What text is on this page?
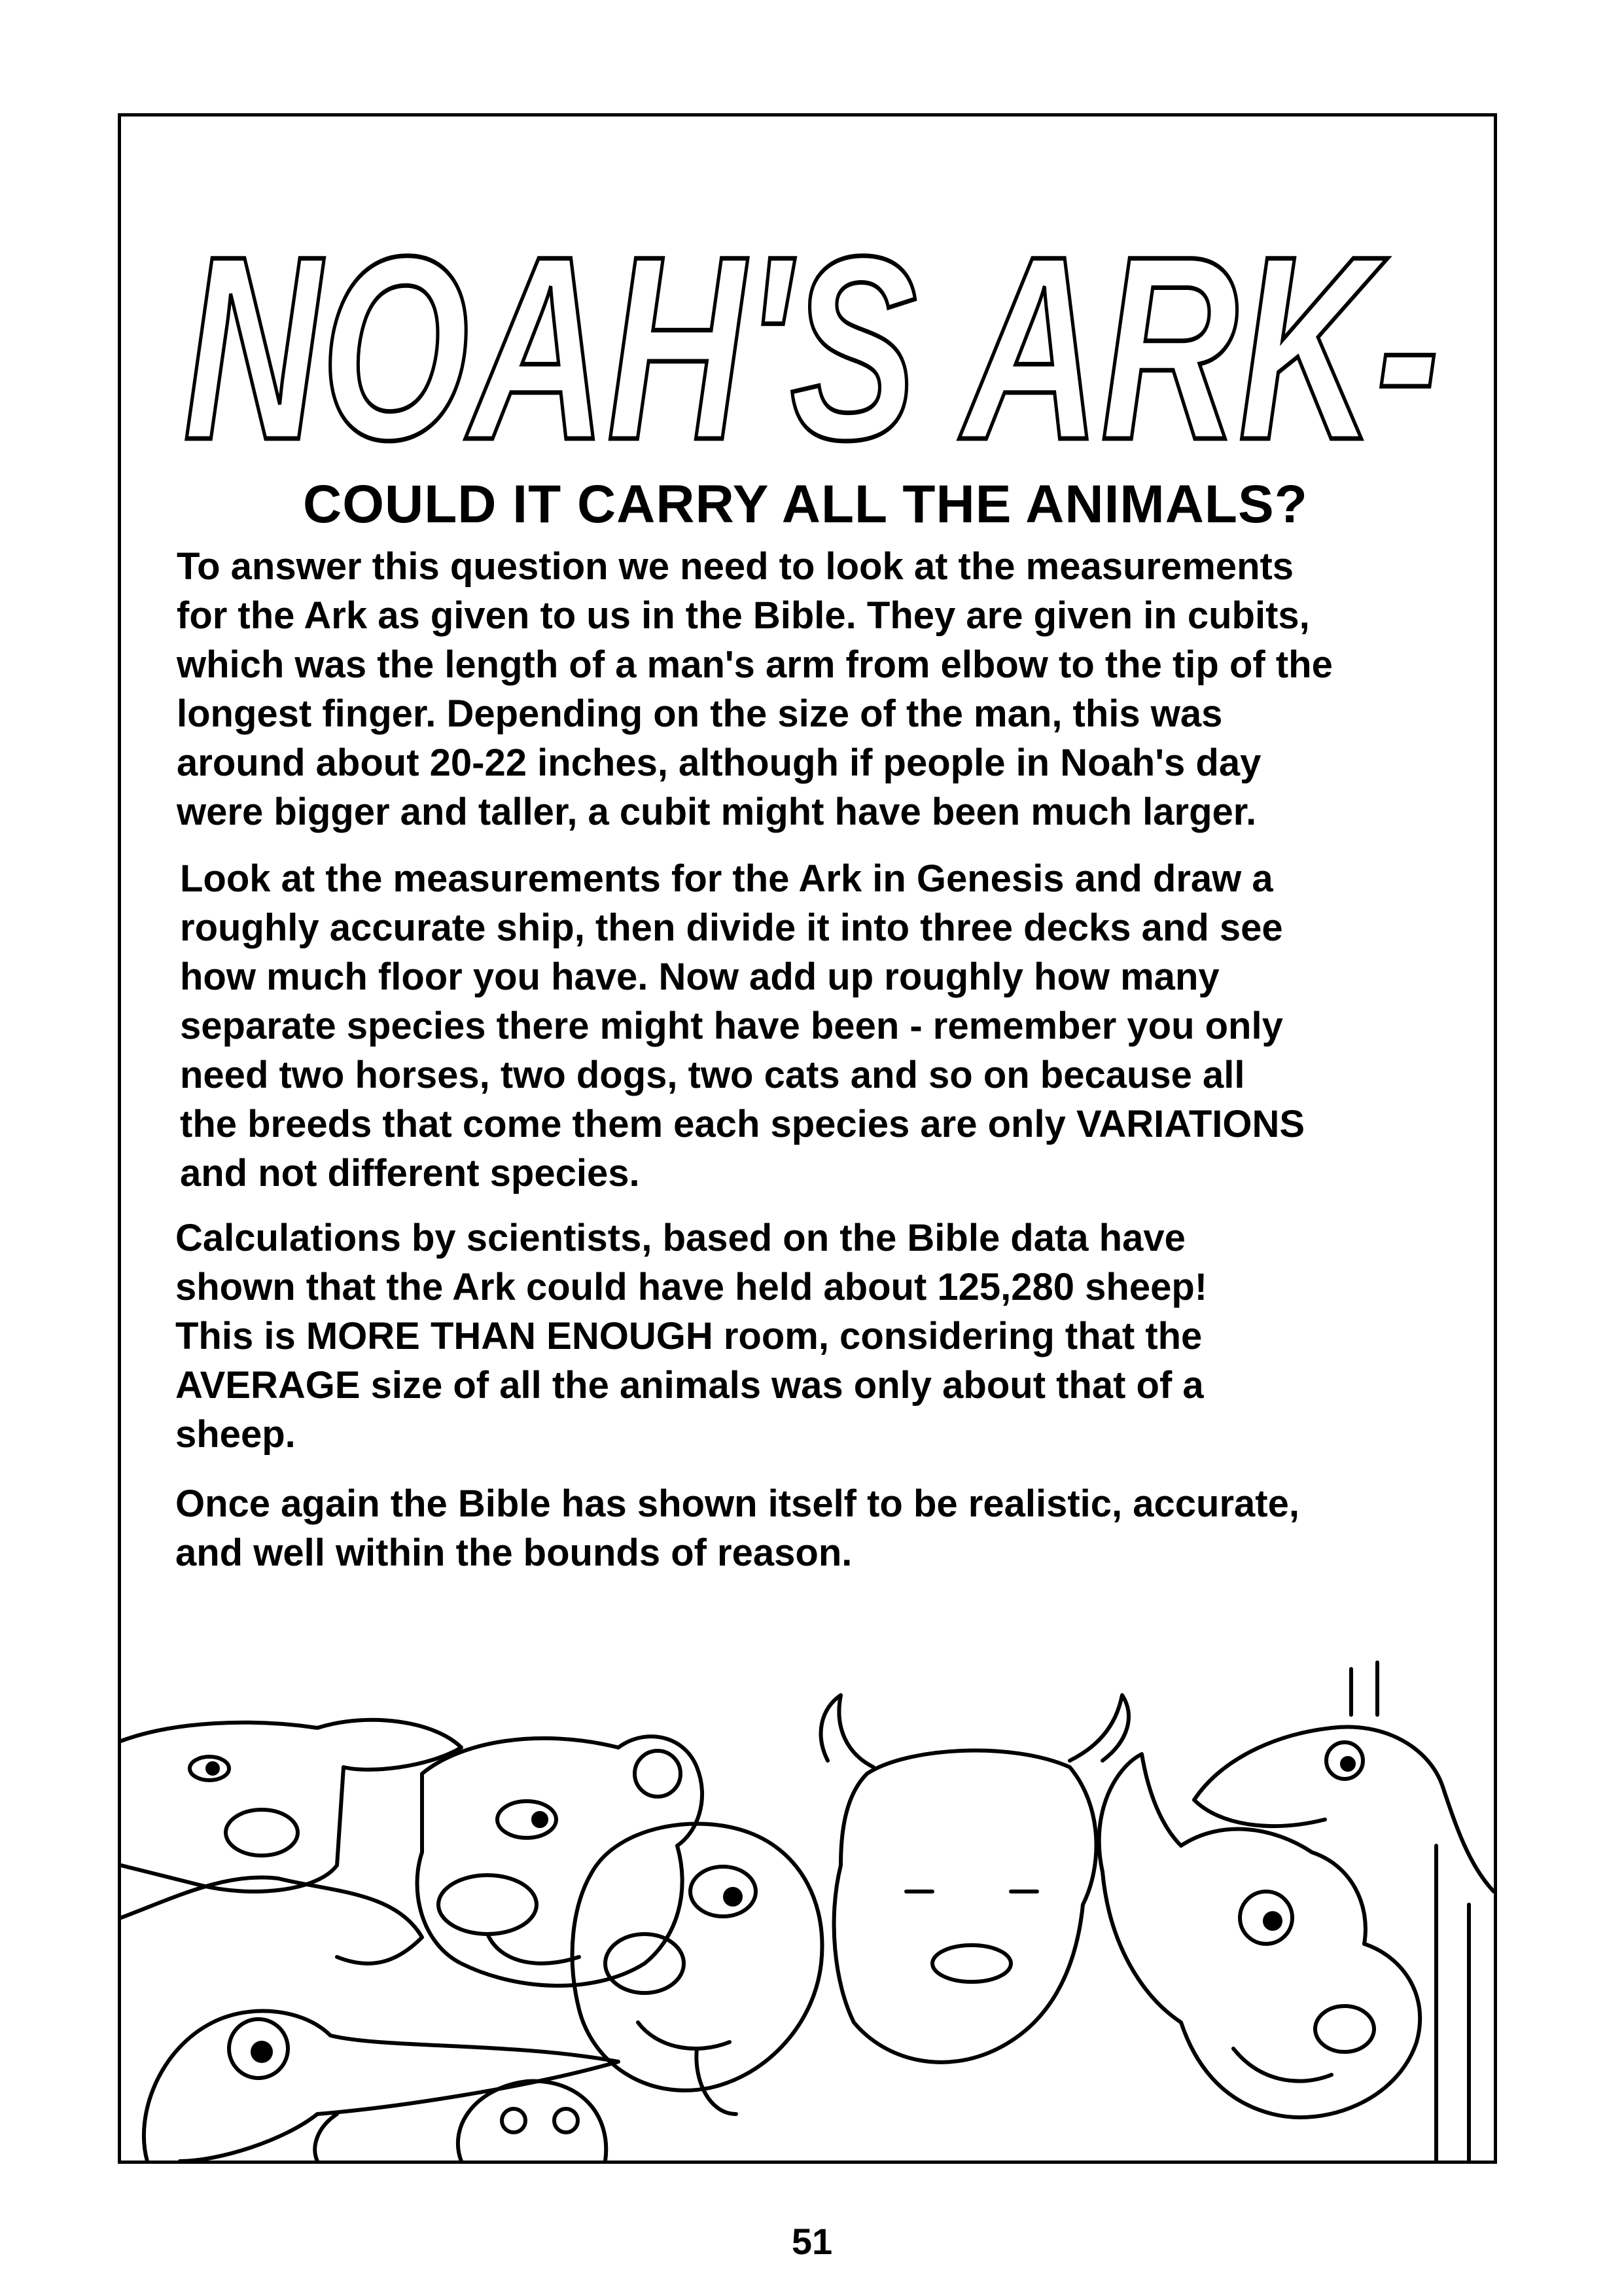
NOAH'S ARK-
COULD IT CARRY ALL THE ANIMALS?
To answer this question we need to look at the measurements
for the Ark as given to us in the Bible. They are given in cubits,
which was the length of a man's arm from elbow to the tip of the
longest finger. Depending on the size of the man, this was
around about 20-22 inches, although if people in Noah's day
were bigger and taller, a cubit might have been much larger.
Look at the measurements for the Ark in Genesis and draw a
roughly accurate ship, then divide it into three decks and see
how much floor you have. Now add up roughly how many
separate species there might have been - remember you only
need two horses, two dogs, two cats and so on because all
the breeds that come them each species are only VARIATIONS
and not different species.
Calculations by scientists, based on the Bible data have
shown that the Ark could have held about 125,280 sheep!
This is MORE THAN ENOUGH room, considering that the
AVERAGE size of all the animals was only about that of a
sheep.
Once again the Bible has shown itself to be realistic, accurate,
and well within the bounds of reason.
51
